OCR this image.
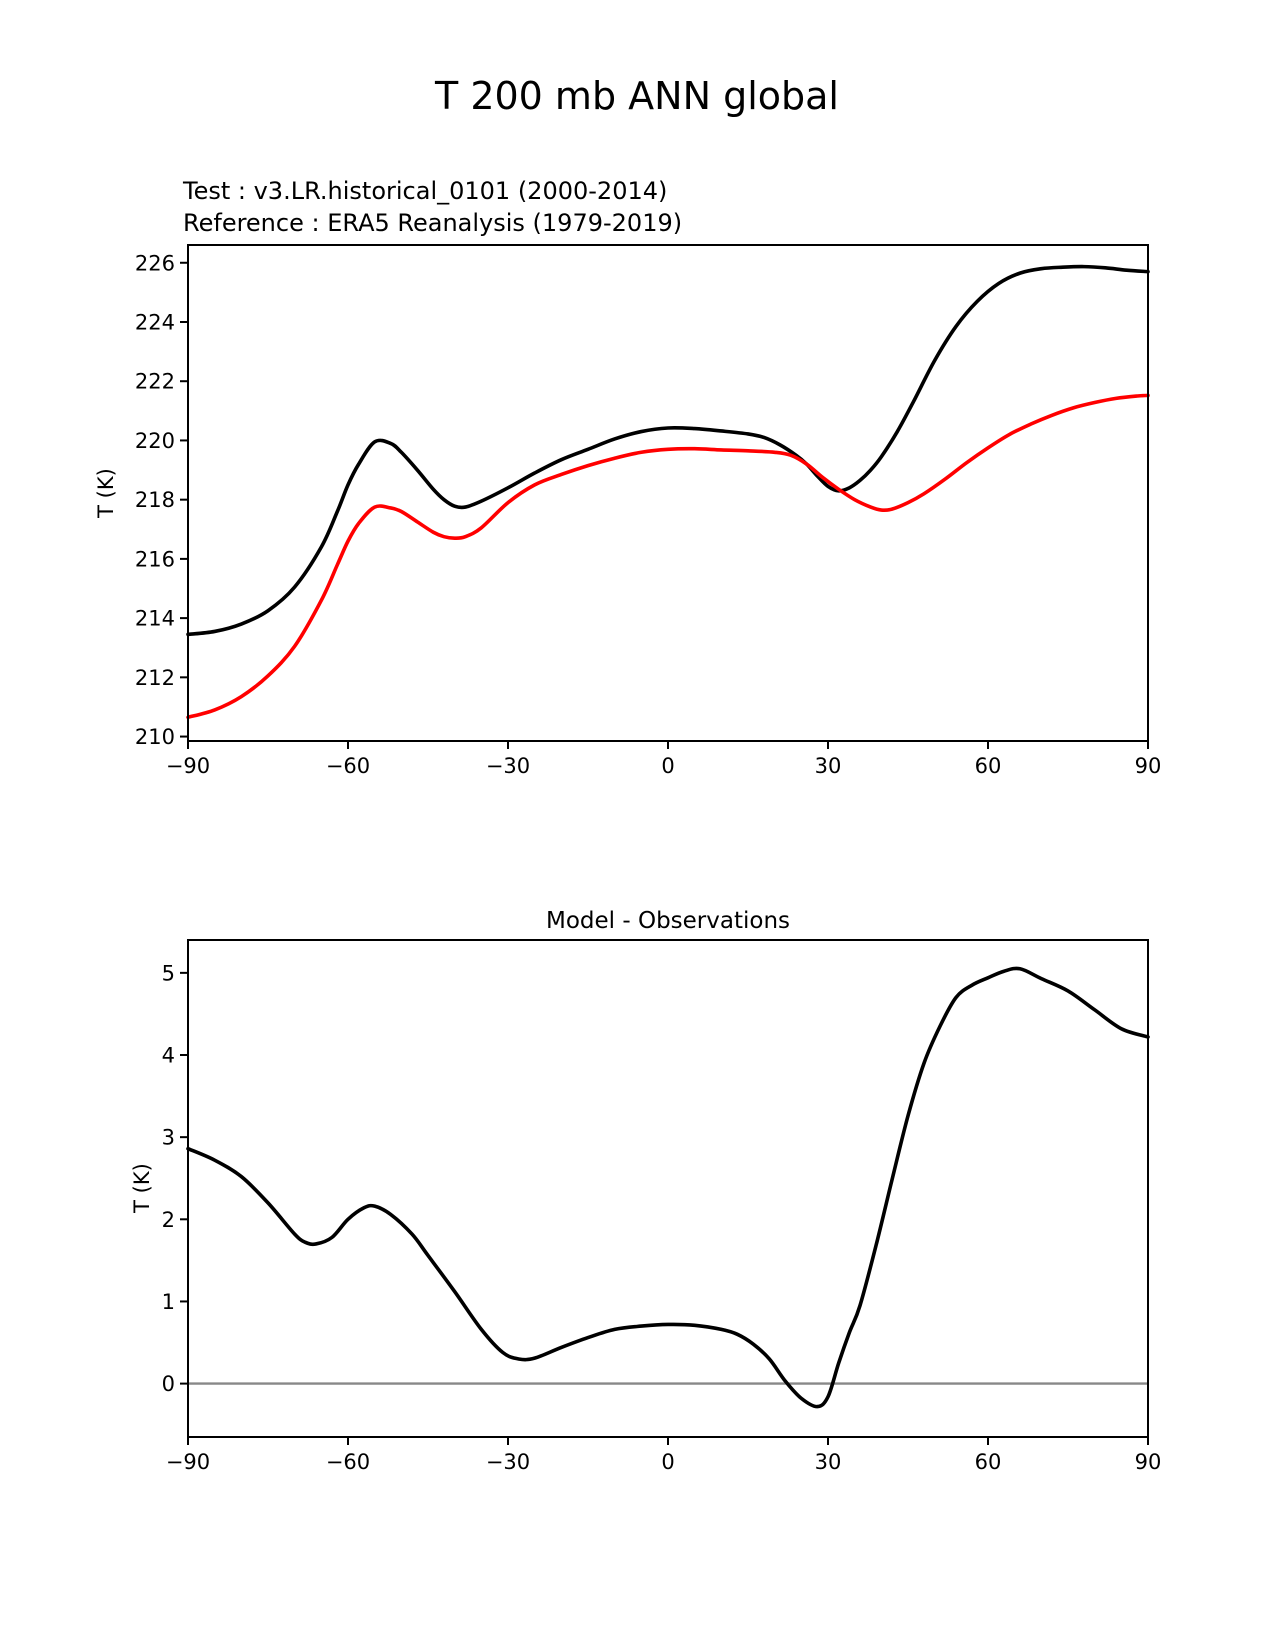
T 200 mb ANN global
Test : v3.LR.historical_0101 (2000-2014)
Reference : ERA5 Reanalysis (1979-2019)
T (K)
Model - Observations
T (K)
−90	−60	−30	0	30	60	90
210
212
214
216
218
220
222
224
226
−90	−60	−30	0	30	60	90
0
1
2
3
4
5
